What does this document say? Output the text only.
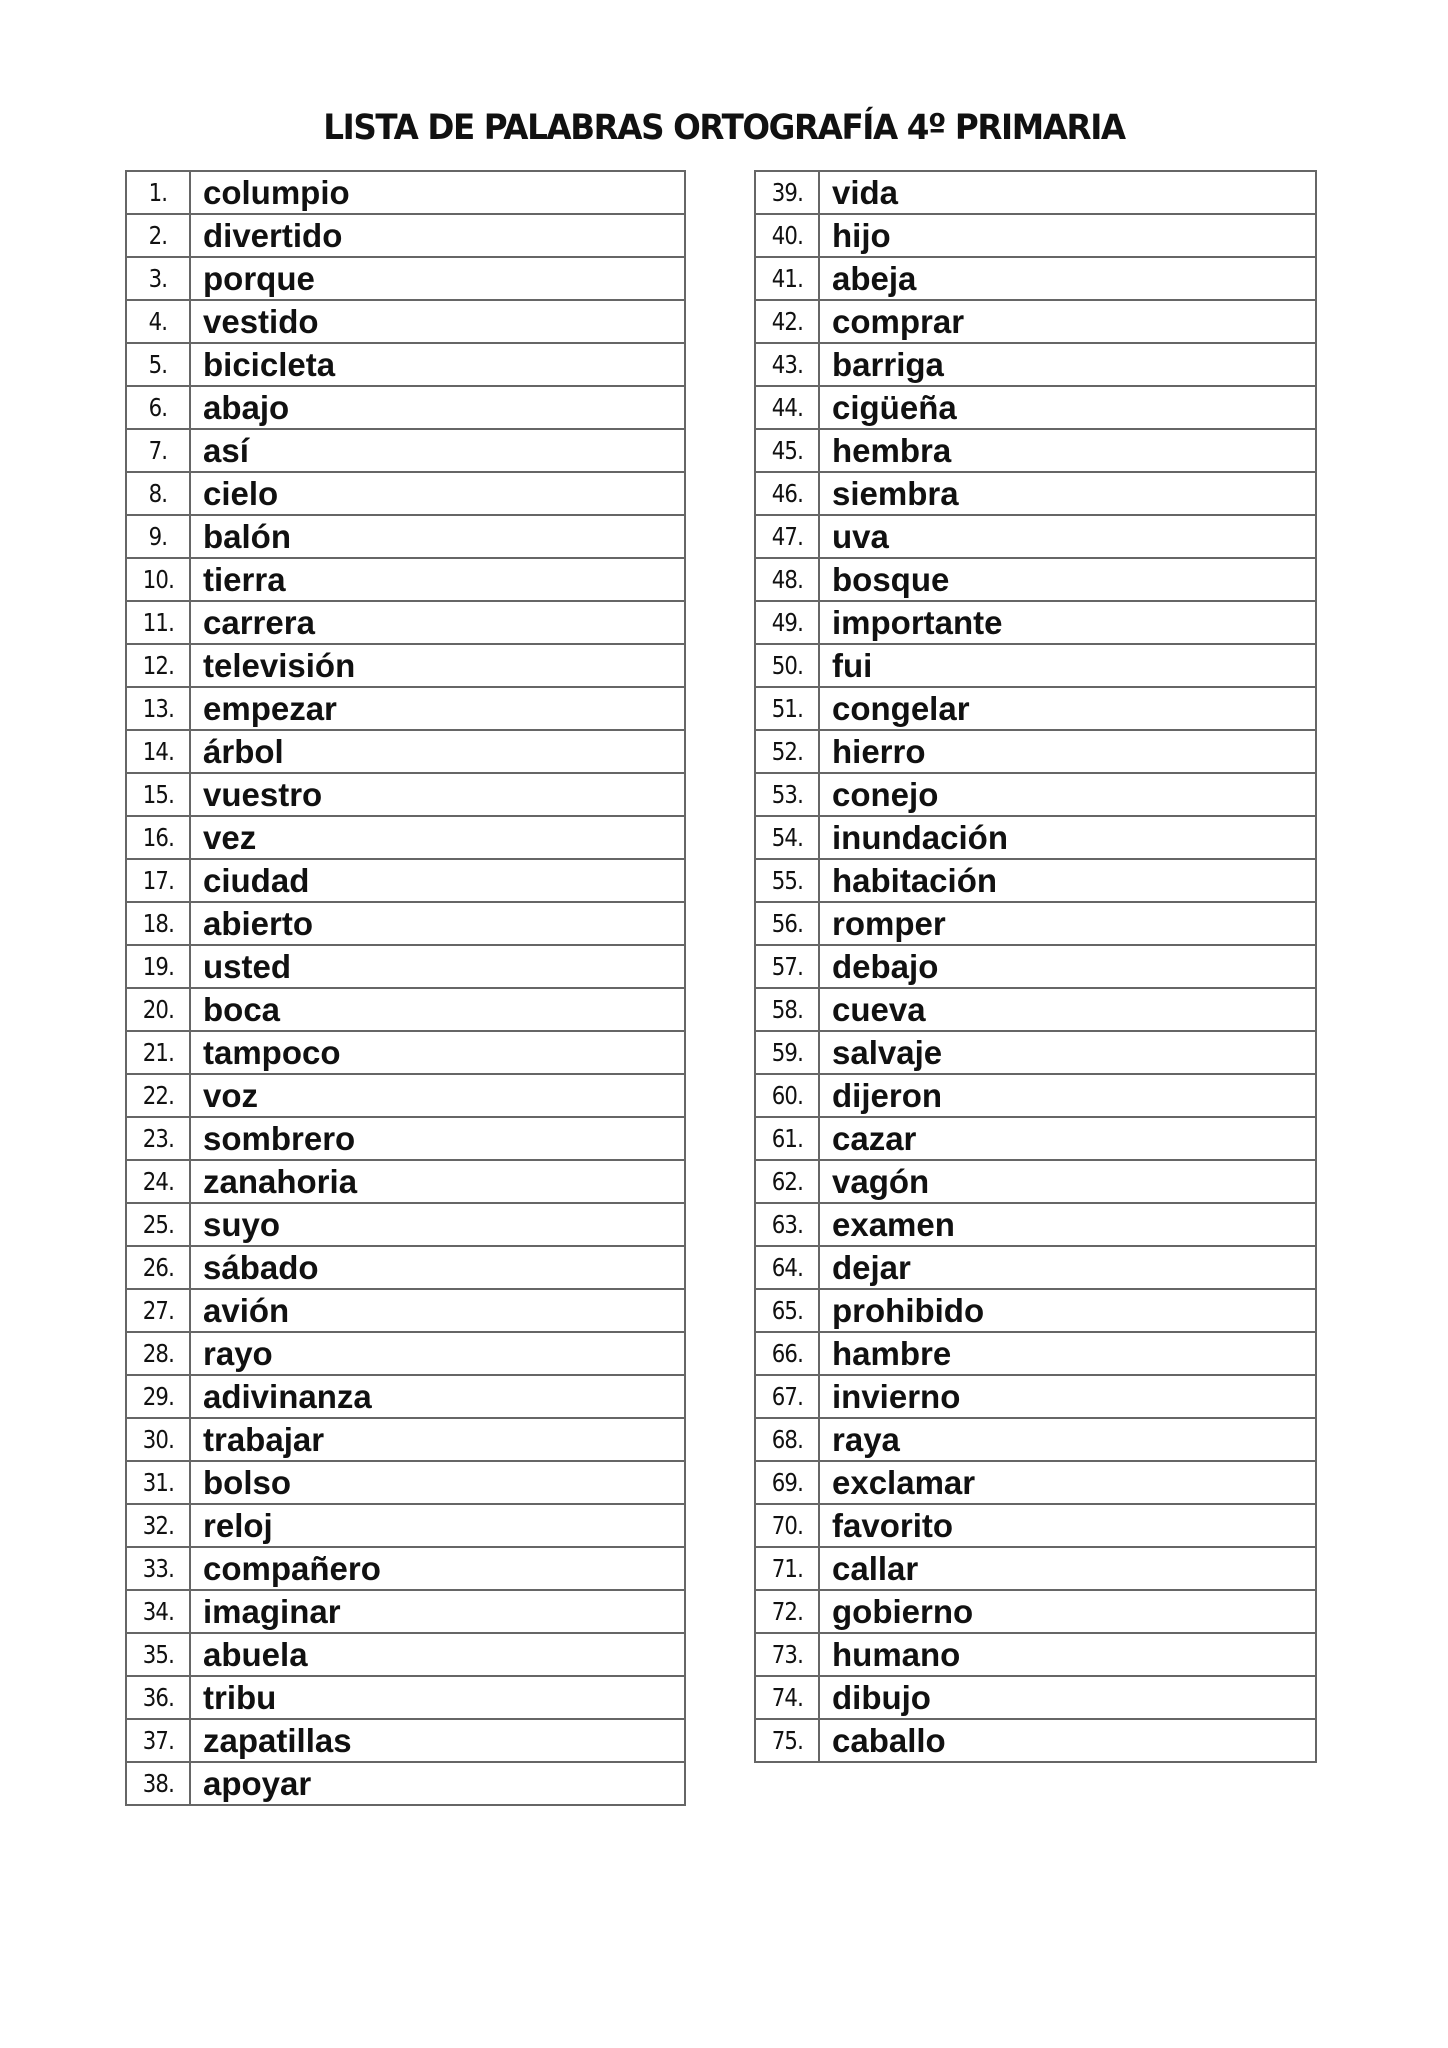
LISTA DE PALABRAS ORTOGRAFÍA 4º PRIMARIA
1.	columpio
2.	divertido
3.	porque
4.	vestido
5.	bicicleta
6.	abajo
7.	así
8.	cielo
9.	balón
10.	tierra
11.	carrera
12.	televisión
13.	empezar
14.	árbol
15.	vuestro
16.	vez
17.	ciudad
18.	abierto
19.	usted
20.	boca
21.	tampoco
22.	voz
23.	sombrero
24.	zanahoria
25.	suyo
26.	sábado
27.	avión
28.	rayo
29.	adivinanza
30.	trabajar
31.	bolso
32.	reloj
33.	compañero
34.	imaginar
35.	abuela
36.	tribu
37.	zapatillas
38.	apoyar
39.	vida
40.	hijo
41.	abeja
42.	comprar
43.	barriga
44.	cigüeña
45.	hembra
46.	siembra
47.	uva
48.	bosque
49.	importante
50.	fui
51.	congelar
52.	hierro
53.	conejo
54.	inundación
55.	habitación
56.	romper
57.	debajo
58.	cueva
59.	salvaje
60.	dijeron
61.	cazar
62.	vagón
63.	examen
64.	dejar
65.	prohibido
66.	hambre
67.	invierno
68.	raya
69.	exclamar
70.	favorito
71.	callar
72.	gobierno
73.	humano
74.	dibujo
75.	caballo
